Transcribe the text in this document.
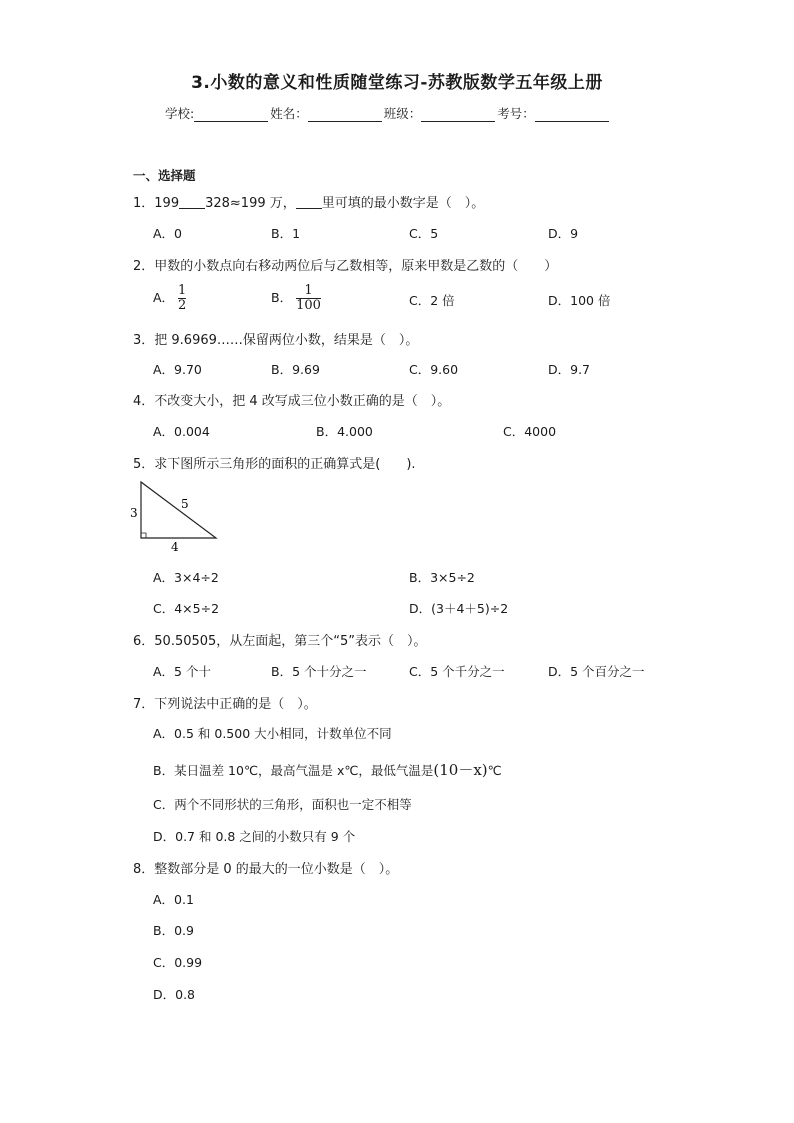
3.小数的意义和性质随堂练习-苏教版数学五年级上册
学校:	姓名：	班级：	考号：
一、选择题
1．199 328≈199 万， 里可填的最小数字是（　）。
A．0	B．1	C．5	D．9
2．甲数的小数点向右移动两位后与乙数相等，原来甲数是乙数的（　　）
A． $\frac{1}{2}$	B． $\frac{1}{100}$	C．2 倍	D．100 倍
3．把 9.6969……保留两位小数，结果是（　）。
A．9.70	B．9.69	C．9.60	D．9.7
4．不改变大小，把 4 改写成三位小数正确的是（　）。
A．0.004	B．4.000	C．4000
5．求下图所示三角形的面积的正确算式是(　　).
3
5
4
A．3×4÷2	B．3×5÷2
C．4×5÷2	D．(3＋4＋5)÷2
6．50.50505，从左面起，第三个“5”表示（　）。
A．5 个十	B．5 个十分之一	C．5 个千分之一	D．5 个百分之一
7．下列说法中正确的是（　）。
A．0.5 和 0.500 大小相同，计数单位不同
B．某日温差 10℃，最高气温是 x℃，最低气温是(10－x)℃
C．两个不同形状的三角形，面积也一定不相等
D．0.7 和 0.8 之间的小数只有 9 个
8．整数部分是 0 的最大的一位小数是（　）。
A．0.1
B．0.9
C．0.99
D．0.8
